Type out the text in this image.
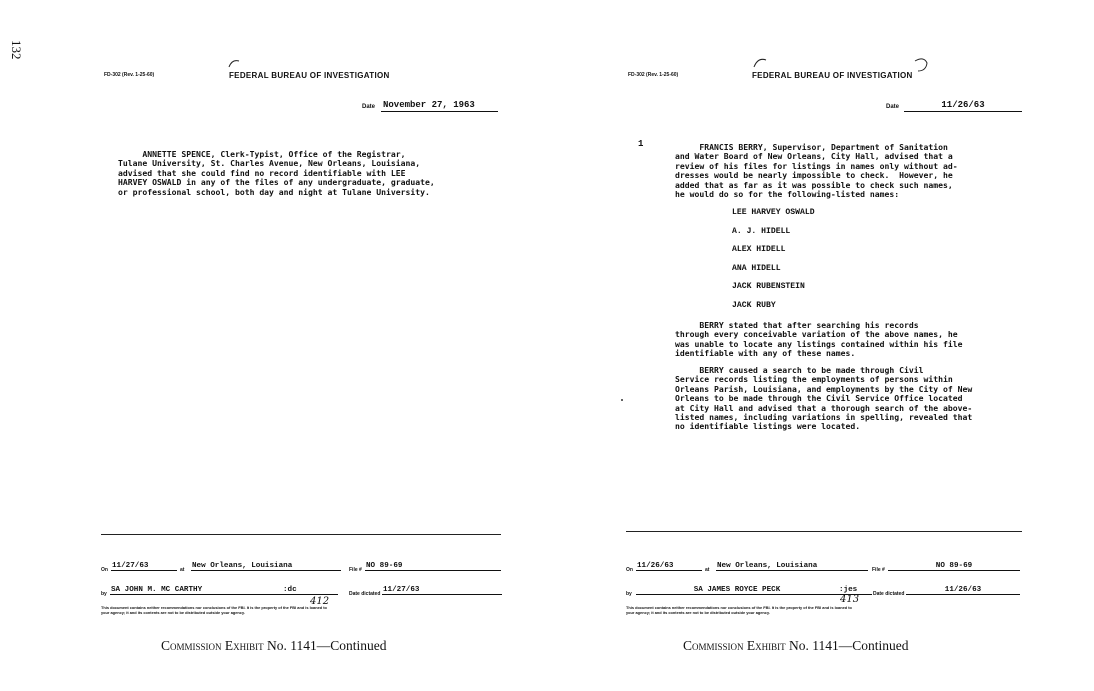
132
FD-302 (Rev. 1-25-60)	FEDERAL BUREAU OF INVESTIGATION
Date November 27, 1963
ANNETTE SPENCE, Clerk-Typist, Office of the Registrar,
Tulane University, St. Charles Avenue, New Orleans, Louisiana,
advised that she could find no record identifiable with LEE
HARVEY OSWALD in any of the files of any undergraduate, graduate,
or professional school, both day and night at Tulane University.
On 11/27/63	at New Orleans, Louisiana	File # NO 89-69
by SA JOHN M. MC CARTHY	:dc	Date dictated 11/27/63

This document contains neither recommendations nor conclusions of the FBI. It is the property of the FBI and is loaned to
your agency; it and its contents are not to be distributed outside your agency.

412
Commission Exhibit No. 1141—Continued
FD-302 (Rev. 1-25-60)	FEDERAL BUREAU OF INVESTIGATION
Date	11/26/63
1	FRANCIS BERRY, Supervisor, Department of Sanitation
and Water Board of New Orleans, City Hall, advised that a
review of his files for listings in names only without ad-
dresses would be nearly impossible to check.  However, he
added that as far as it was possible to check such names,
he would do so for the following-listed names:
LEE HARVEY OSWALD
A. J. HIDELL
ALEX HIDELL
ANA HIDELL
JACK RUBENSTEIN
JACK RUBY
BERRY stated that after searching his records
through every conceivable variation of the above names, he
was unable to locate any listings contained within his file
identifiable with any of these names.
BERRY caused a search to be made through Civil
Service records listing the employments of persons within
Orleans Parish, Louisiana, and employments by the City of New
Orleans to be made through the Civil Service Office located
at City Hall and advised that a thorough search of the above-
listed names, including variations in spelling, revealed that
no identifiable listings were located.
On 11/26/63	at New Orleans, Louisiana	File #	NO 89-69
by	SA JAMES ROYCE PECK	:jes	Date dictated	11/26/63

This document contains neither recommendations nor conclusions of the FBI. It is the property of the FBI and is loaned to
your agency; it and its contents are not to be distributed outside your agency.

413
Commission Exhibit No. 1141—Continued
